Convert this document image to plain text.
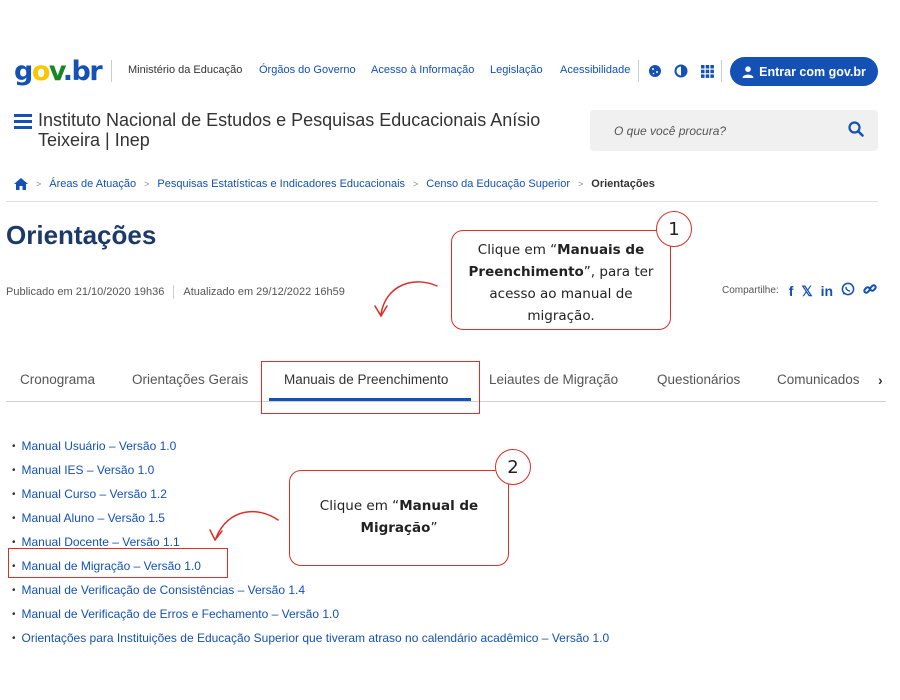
gov.br Ministério da Educação Órgãos do Governo Acesso à Informação Legislação Acessibilidade	Entrar com gov.br
Instituto Nacional de Estudos e Pesquisas Educacionais Anísio Teixeira | Inep	O que você procura?
> Áreas de Atuação > Pesquisas Estatísticas e Indicadores Educacionais > Censo da Educação Superior > Orientações
Orientações
Publicado em 21/10/2020 19h36 Atualizado em 29/12/2022 16h59	Compartilhe: f 𝕏 in
Cronograma	Orientações Gerais	Manuais de Preenchimento	Leiautes de Migração	Questionários	Comunicados ›
• Manual Usuário – Versão 1.0
• Manual IES – Versão 1.0
• Manual Curso – Versão 1.2
• Manual Aluno – Versão 1.5
• Manual Docente – Versão 1.1
• Manual de Migração – Versão 1.0
• Manual de Verificação de Consistências – Versão 1.4
• Manual de Verificação de Erros e Fechamento – Versão 1.0
• Orientações para Instituições de Educação Superior que tiveram atraso no calendário acadêmico – Versão 1.0
Clique em “Manuais de Preenchimento”, para ter acesso ao manual de migração.
1
Clique em “Manual de Migração”
2
